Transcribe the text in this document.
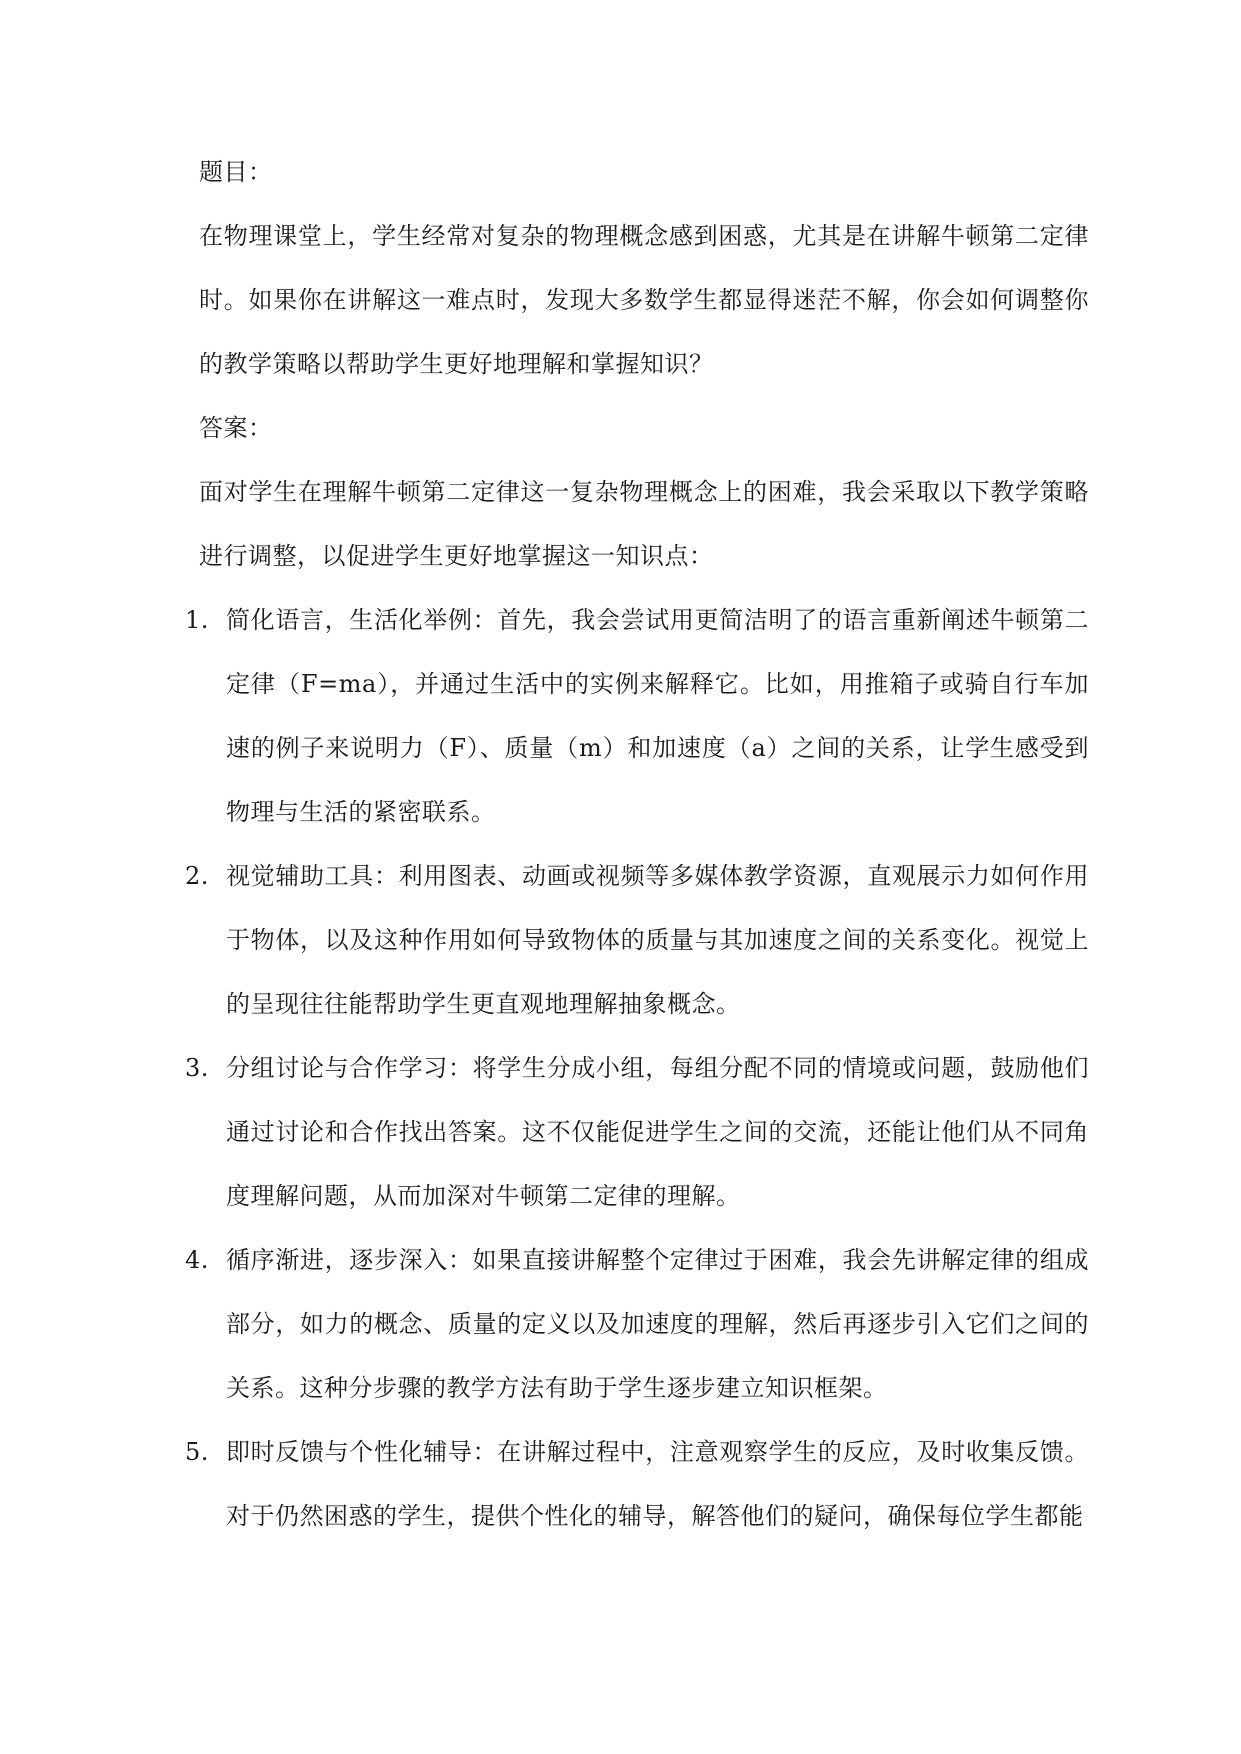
题目：

在物理课堂上，学生经常对复杂的物理概念感到困惑，尤其是在讲解牛顿第二定律时。如果你在讲解这一难点时，发现大多数学生都显得迷茫不解，你会如何调整你的教学策略以帮助学生更好地理解和掌握知识？

答案：

面对学生在理解牛顿第二定律这一复杂物理概念上的困难，我会采取以下教学策略进行调整，以促进学生更好地掌握这一知识点：

1. 简化语言，生活化举例：首先，我会尝试用更简洁明了的语言重新阐述牛顿第二定律（F=ma），并通过生活中的实例来解释它。比如，用推箱子或骑自行车加速的例子来说明力（F）、质量（m）和加速度（a）之间的关系，让学生感受到物理与生活的紧密联系。
2. 视觉辅助工具：利用图表、动画或视频等多媒体教学资源，直观展示力如何作用于物体，以及这种作用如何导致物体的质量与其加速度之间的关系变化。视觉上的呈现往往能帮助学生更直观地理解抽象概念。
3. 分组讨论与合作学习：将学生分成小组，每组分配不同的情境或问题，鼓励他们通过讨论和合作找出答案。这不仅能促进学生之间的交流，还能让他们从不同角度理解问题，从而加深对牛顿第二定律的理解。
4. 循序渐进，逐步深入：如果直接讲解整个定律过于困难，我会先讲解定律的组成部分，如力的概念、质量的定义以及加速度的理解，然后再逐步引入它们之间的关系。这种分步骤的教学方法有助于学生逐步建立知识框架。
5. 即时反馈与个性化辅导：在讲解过程中，注意观察学生的反应，及时收集反馈。对于仍然困惑的学生，提供个性化的辅导，解答他们的疑问，确保每位学生都能
